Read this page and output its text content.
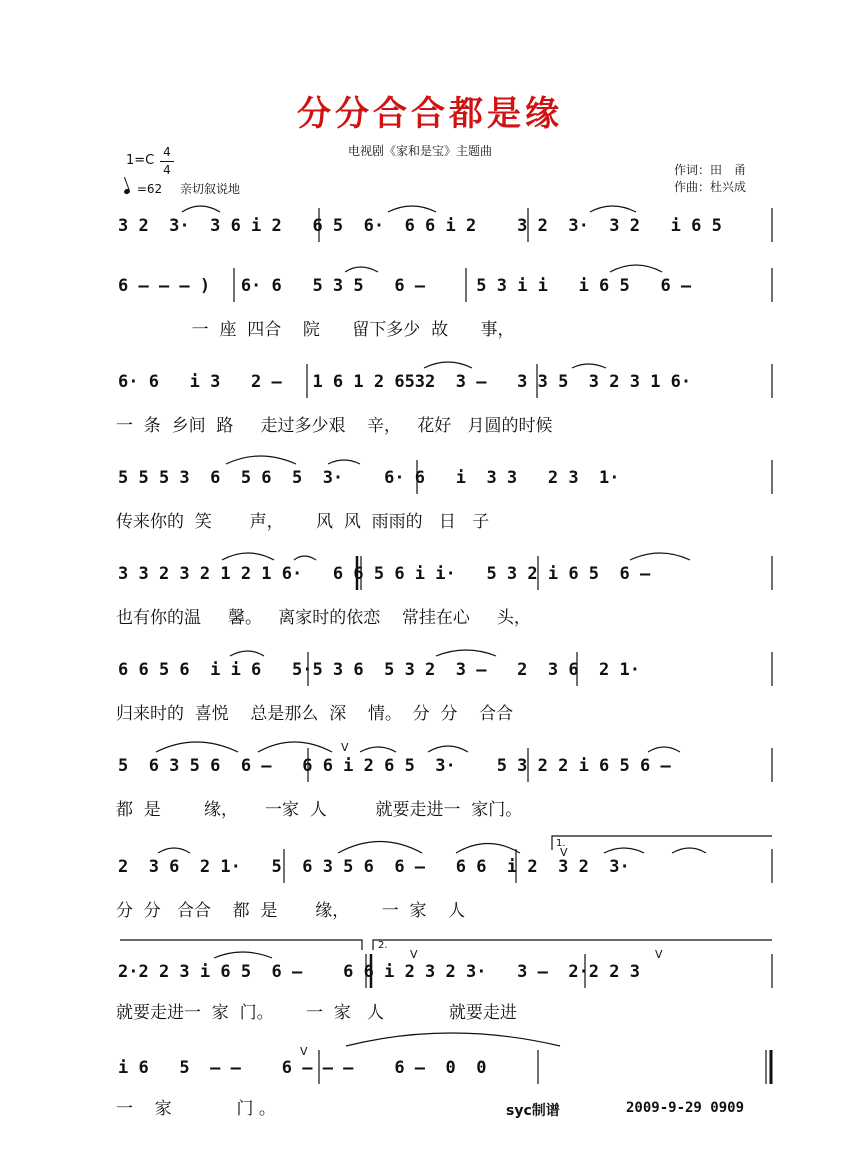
分分合合都是缘
电视剧《家和是宝》主题曲
1=C
4
4
=62 亲切叙说地
作词：田　甬
作曲：杜兴成
3 2  3·  3 6 i 2   6 5  6·  6 6 i 2    3 2  3·  3 2   i 6 5
6 – – – )   6· 6   5 3 5   6 –     5 3 i i   i 6 5   6 –
一  座  四合    院      留下多少  故      事，
6· 6   i 3   2 –   1 6 1 2 6532  3 –   3 3 5  3 2 3 1 6·
一  条  乡间  路     走过多少艰    辛，   花好   月圆的时候
5 5 5 3  6  5 6  5  3·    6· 6   i  3 3   2 3  1·
传来你的  笑       声，      风  风  雨雨的   日   子
3 3 2 3 2 1 2 1 6·   6 6 5 6 i i·   5 3 2 i 6 5  6 –
也有你的温     馨。   离家时的依恋    常挂在心     头，
6 6 5 6  i i 6   5·5 3 6  5 3 2  3 –   2  3 6  2 1·
归来时的  喜悦    总是那么  深    情。  分  分    合合
5  6 3 5 6  6 –   6 6 i 2 6 5  3·    5 3 2 2 i 6 5 6 –
都  是        缘，     一家  人         就要走进一  家门。
2  3 6  2 1·   5  6 3 5 6  6 –   6 6  i 2  3 2  3·
分  分   合合    都  是       缘，      一  家    人
2·2 2 3 i 6 5  6 –    6 6 i 2 3 2 3·   3 –  2·2 2 3
就要走进一  家  门。      一  家   人            就要走进
i 6   5  – –    6 – – –    6 –  0  0
一    家            门 。
1.
2.
V
V
V	V
V
syc制谱	2009-9-29 0909
